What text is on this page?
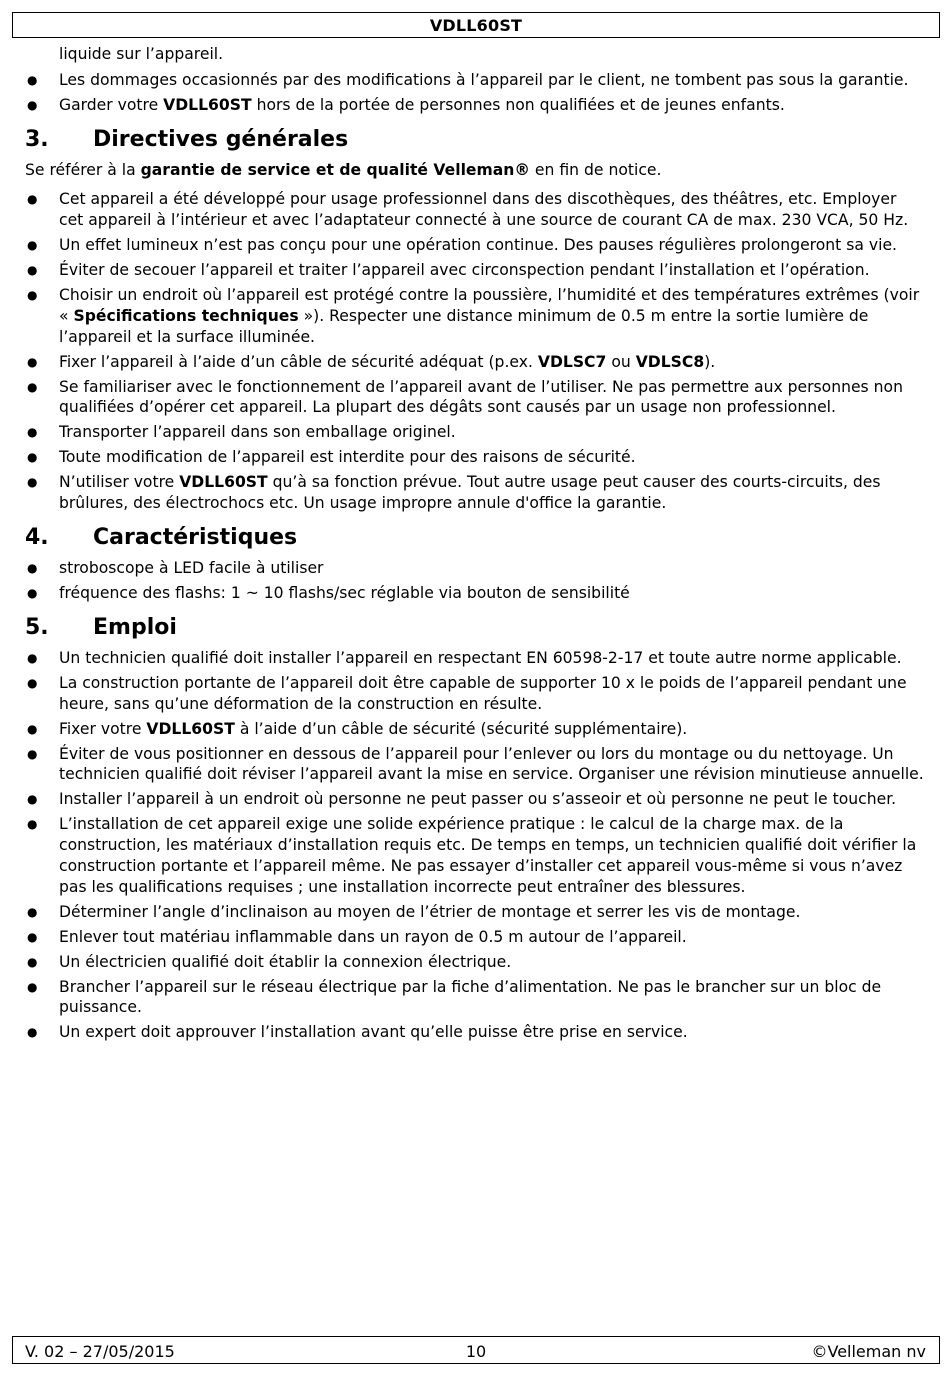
VDLL60ST

liquide sur l’appareil.

● Les dommages occasionnés par des modifications à l’appareil par le client, ne tombent pas sous la garantie.
● Garder votre VDLL60ST hors de la portée de personnes non qualifiées et de jeunes enfants.
3.	Directives générales

Se référer à la garantie de service et de qualité Velleman® en fin de notice.

● Cet appareil a été développé pour usage professionnel dans des discothèques, des théâtres, etc. Employer cet appareil à l’intérieur et avec l’adaptateur connecté à une source de courant CA de max. 230 VCA, 50 Hz.
● Un effet lumineux n’est pas conçu pour une opération continue. Des pauses régulières prolongeront sa vie.
● Éviter de secouer l’appareil et traiter l’appareil avec circonspection pendant l’installation et l’opération.
● Choisir un endroit où l’appareil est protégé contre la poussière, l’humidité et des températures extrêmes (voir « Spécifications techniques »). Respecter une distance minimum de 0.5 m entre la sortie lumière de l’appareil et la surface illuminée.
● Fixer l’appareil à l’aide d’un câble de sécurité adéquat (p.ex. VDLSC7 ou VDLSC8).
● Se familiariser avec le fonctionnement de l’appareil avant de l’utiliser. Ne pas permettre aux personnes non qualifiées d’opérer cet appareil. La plupart des dégâts sont causés par un usage non professionnel.
● Transporter l’appareil dans son emballage originel.
● Toute modification de l’appareil est interdite pour des raisons de sécurité.
● N’utiliser votre VDLL60ST qu’à sa fonction prévue. Tout autre usage peut causer des courts-circuits, des brûlures, des électrochocs etc. Un usage impropre annule d'office la garantie.
4.	Caractéristiques
● stroboscope à LED facile à utiliser
● fréquence des flashs: 1 ~ 10 flashs/sec réglable via bouton de sensibilité
5.	Emploi
● Un technicien qualifié doit installer l’appareil en respectant EN 60598-2-17 et toute autre norme applicable.
● La construction portante de l’appareil doit être capable de supporter 10 x le poids de l’appareil pendant une heure, sans qu’une déformation de la construction en résulte.
● Fixer votre VDLL60ST à l’aide d’un câble de sécurité (sécurité supplémentaire).
● Éviter de vous positionner en dessous de l’appareil pour l’enlever ou lors du montage ou du nettoyage. Un technicien qualifié doit réviser l’appareil avant la mise en service. Organiser une révision minutieuse annuelle.
● Installer l’appareil à un endroit où personne ne peut passer ou s’asseoir et où personne ne peut le toucher.
● L’installation de cet appareil exige une solide expérience pratique : le calcul de la charge max. de la construction, les matériaux d’installation requis etc. De temps en temps, un technicien qualifié doit vérifier la construction portante et l’appareil même. Ne pas essayer d’installer cet appareil vous-même si vous n’avez pas les qualifications requises ; une installation incorrecte peut entraîner des blessures.
● Déterminer l’angle d’inclinaison au moyen de l’étrier de montage et serrer les vis de montage.
● Enlever tout matériau inflammable dans un rayon de 0.5 m autour de l’appareil.
● Un électricien qualifié doit établir la connexion électrique.
● Brancher l’appareil sur le réseau électrique par la fiche d’alimentation. Ne pas le brancher sur un bloc de puissance.
● Un expert doit approuver l’installation avant qu’elle puisse être prise en service.
V. 02 – 27/05/2015	10	©Velleman nv
